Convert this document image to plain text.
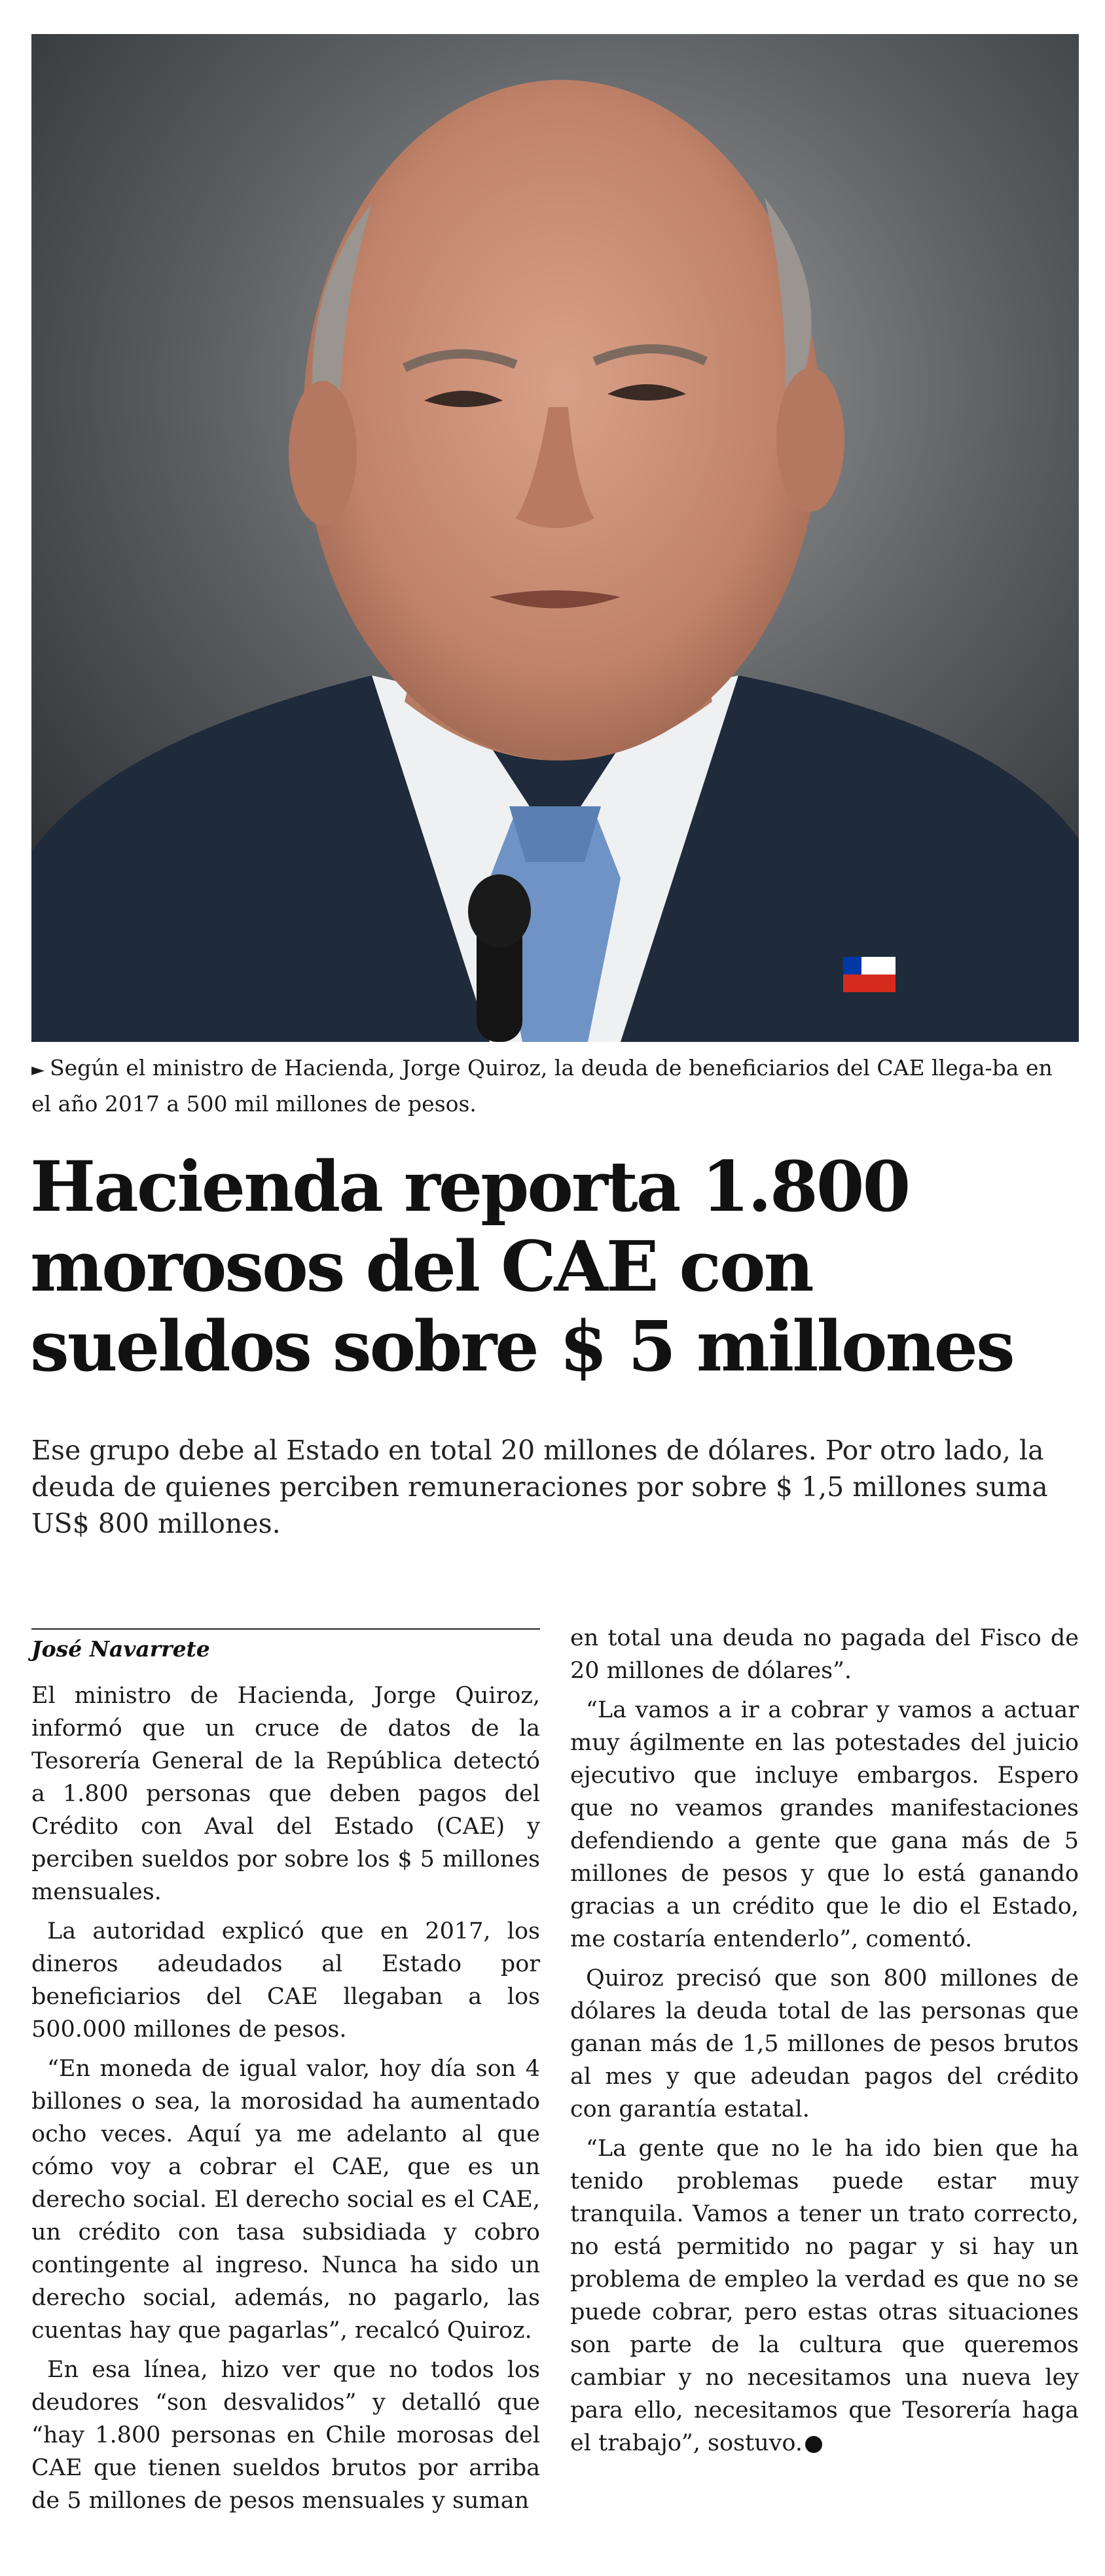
► Según el ministro de Hacienda, Jorge Quiroz, la deuda de beneficiarios del CAE llega-ba en el año 2017 a 500 mil millones de pesos.
Hacienda reporta 1.800
morosos del CAE con
sueldos sobre $ 5 millones
Ese grupo debe al Estado en total 20 millones de dólares. Por otro lado, la
deuda de quienes perciben remuneraciones por sobre $ 1,5 millones suma
US$ 800 millones.
José Navarrete

El ministro de Hacienda, Jorge Quiroz, informó que un cruce de datos de la Tesorería General de la República detectó a 1.800 personas que deben pagos del Crédito con Aval del Estado (CAE) y perciben sueldos por sobre los $ 5 millones mensuales.

La autoridad explicó que en 2017, los dineros adeudados al Estado por beneficiarios del CAE llegaban a los 500.000 millones de pesos.

“En moneda de igual valor, hoy día son 4 billones o sea, la morosidad ha aumentado ocho veces. Aquí ya me adelanto al que cómo voy a cobrar el CAE, que es un derecho social. El derecho social es el CAE, un crédito con tasa subsidiada y cobro contingente al ingreso. Nunca ha sido un derecho social, además, no pagarlo, las cuentas hay que pagarlas”, recalcó Quiroz.

En esa línea, hizo ver que no todos los deudores “son desvalidos” y detalló que “hay 1.800 personas en Chile morosas del CAE que tienen sueldos brutos por arriba de 5 millones de pesos mensuales y suman

en total una deuda no pagada del Fisco de 20 millones de dólares”.

“La vamos a ir a cobrar y vamos a actuar muy ágilmente en las potestades del juicio ejecutivo que incluye embargos. Espero que no veamos grandes manifestaciones defendiendo a gente que gana más de 5 millones de pesos y que lo está ganando gracias a un crédito que le dio el Estado, me costaría entenderlo”, comentó.

Quiroz precisó que son 800 millones de dólares la deuda total de las personas que ganan más de 1,5 millones de pesos brutos al mes y que adeudan pagos del crédito con garantía estatal.

“La gente que no le ha ido bien que ha tenido problemas puede estar muy tranquila. Vamos a tener un trato correcto, no está permitido no pagar y si hay un problema de empleo la verdad es que no se puede cobrar, pero estas otras situaciones son parte de la cultura que queremos cambiar y no necesitamos una nueva ley para ello, necesitamos que Tesorería haga el trabajo”, sostuvo.
